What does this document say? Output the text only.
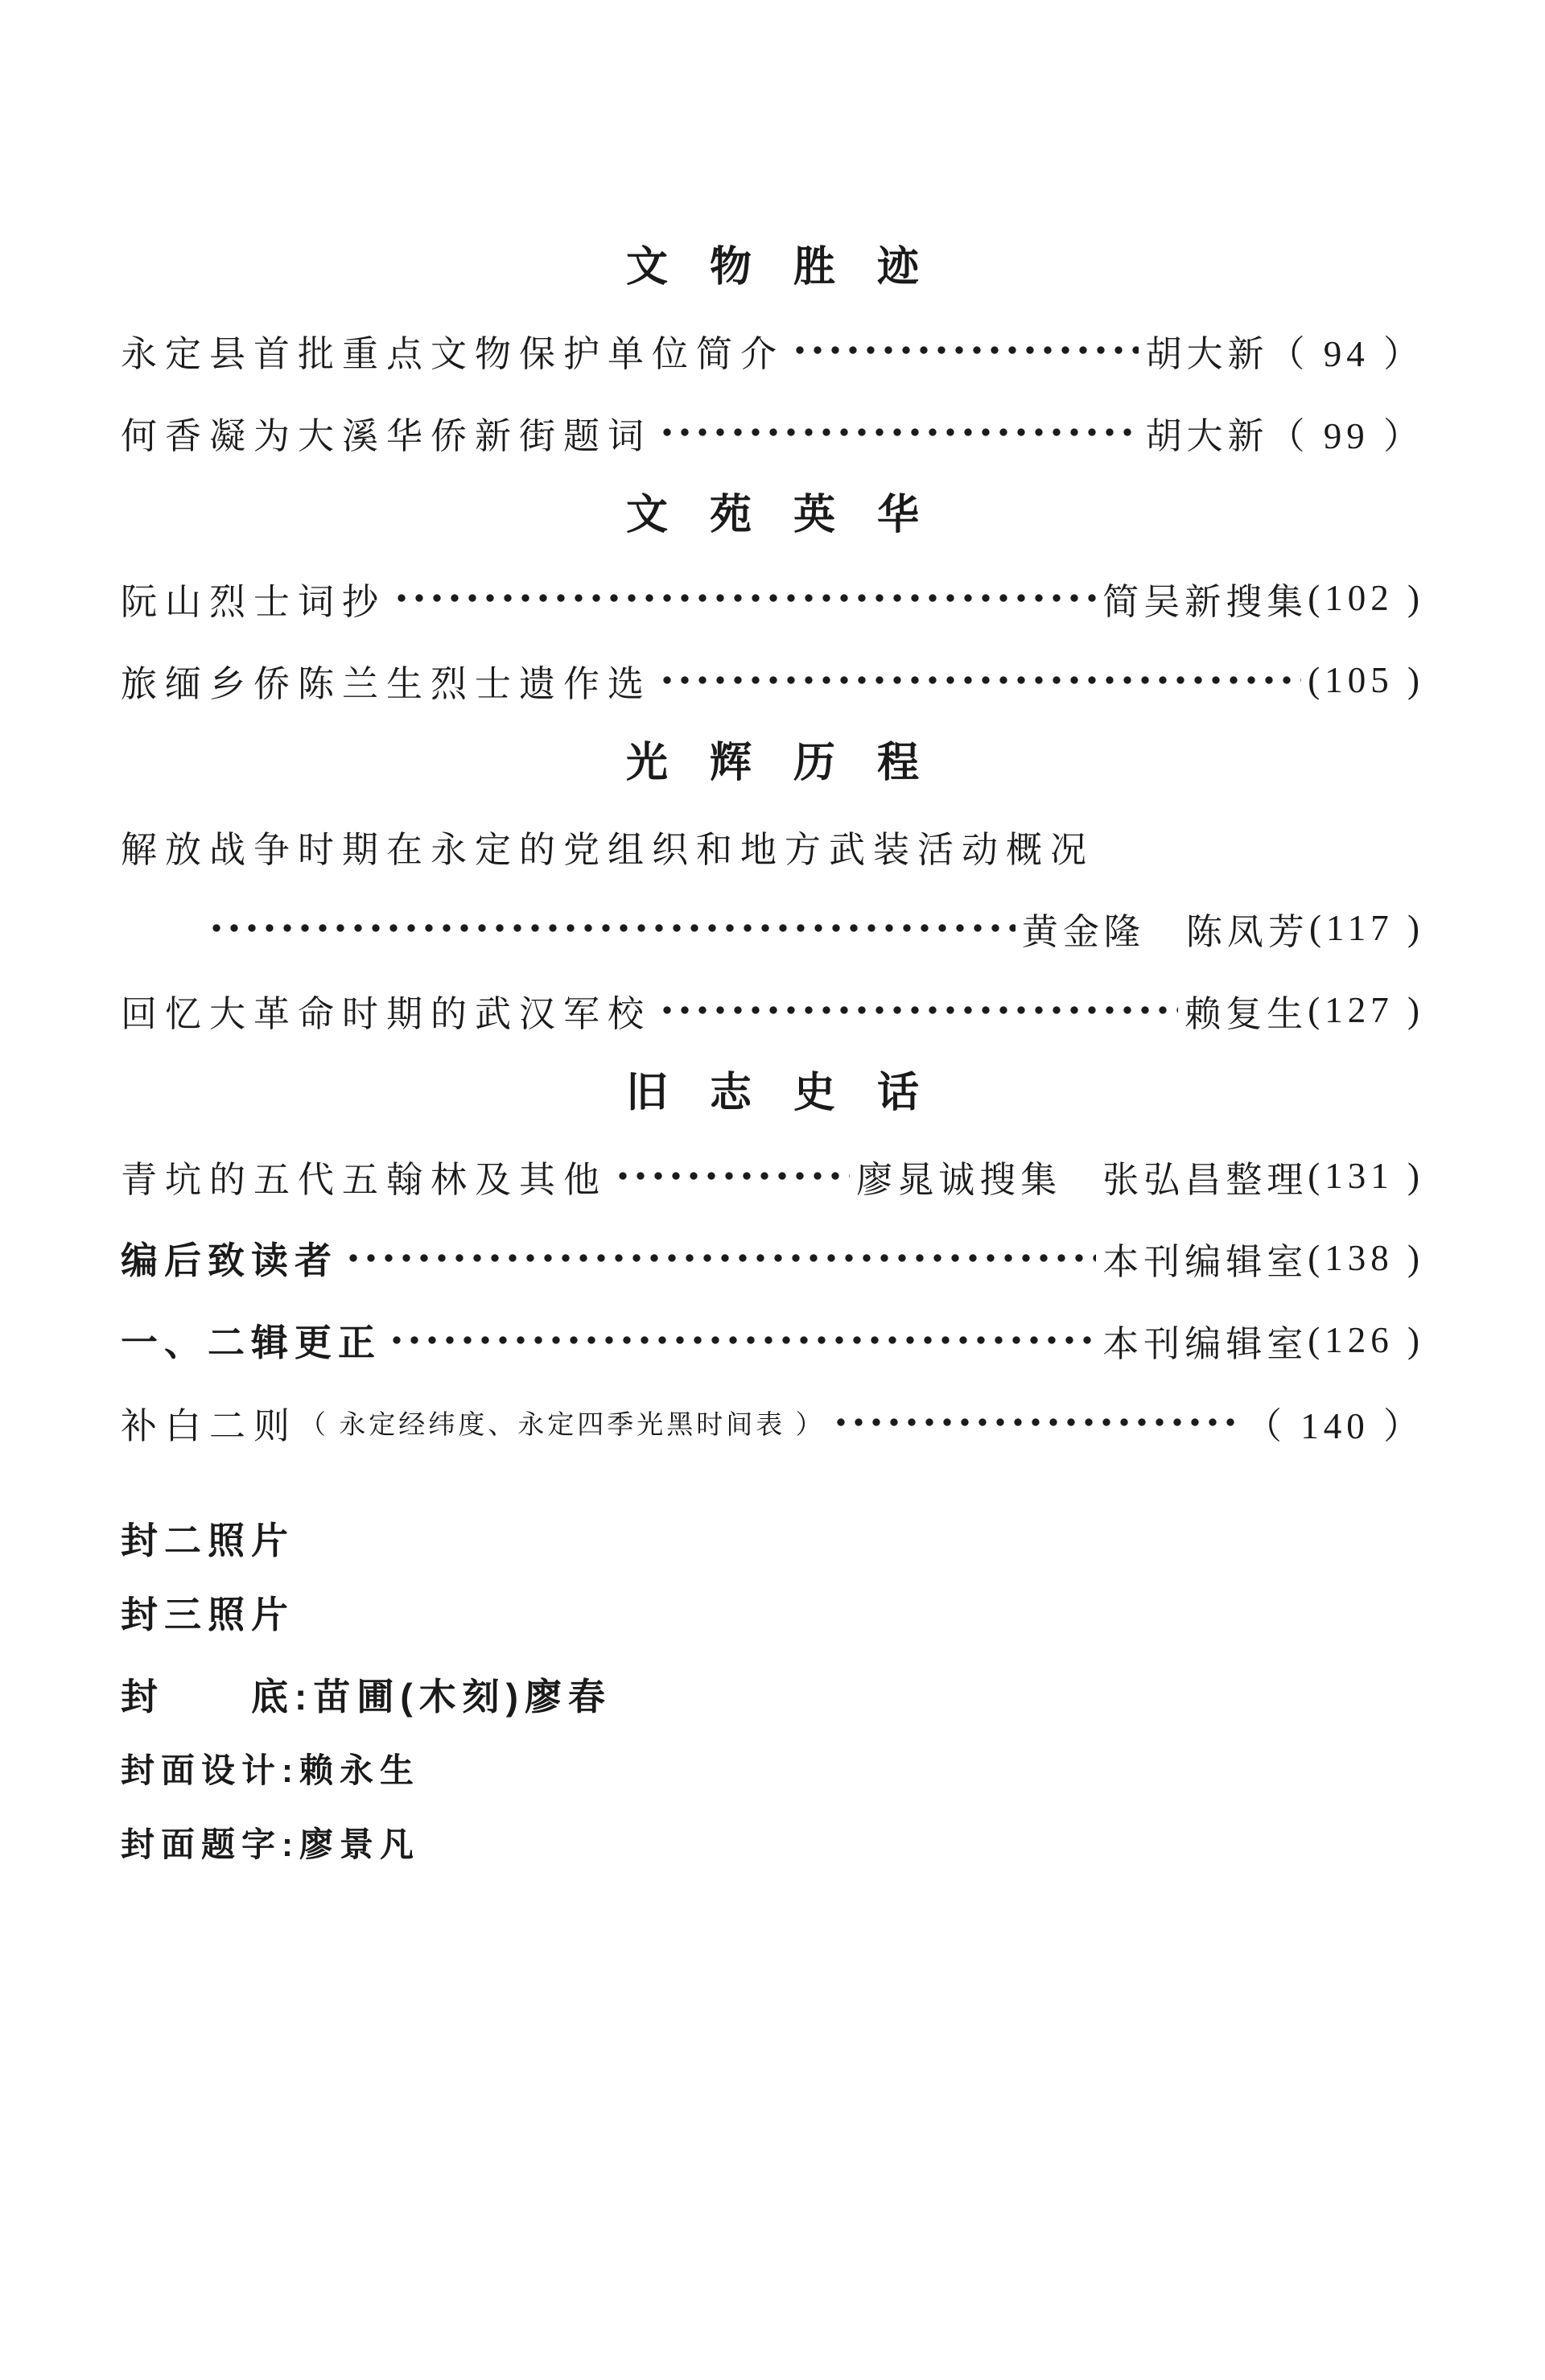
文物胜迹
永定县首批重点文物保护单位简介	胡大新 （ 94 ）
何香凝为大溪华侨新街题词	胡大新 （ 99 ）
文苑英华
阮山烈士词抄	简吴新搜集 (102 )
旅缅乡侨陈兰生烈士遗作选	(105 )
光辉历程
解放战争时期在永定的党组织和地方武装活动概况
黄金隆　陈凤芳 (117 )
回忆大革命时期的武汉军校	赖复生 (127 )
旧志史话
青坑的五代五翰林及其他	廖晁诚搜集　张弘昌整理 (131 )
编后致读者	本刊编辑室 (138 )
一、二辑更正	本刊编辑室 (126 )
补白二则 （ 永定经纬度、永定四季光黑时间表 ）	（ 140 ）
封二照片
封三照片
封　　底:苗圃(木刻)廖春
封面设计:赖永生
封面题字:廖景凡
